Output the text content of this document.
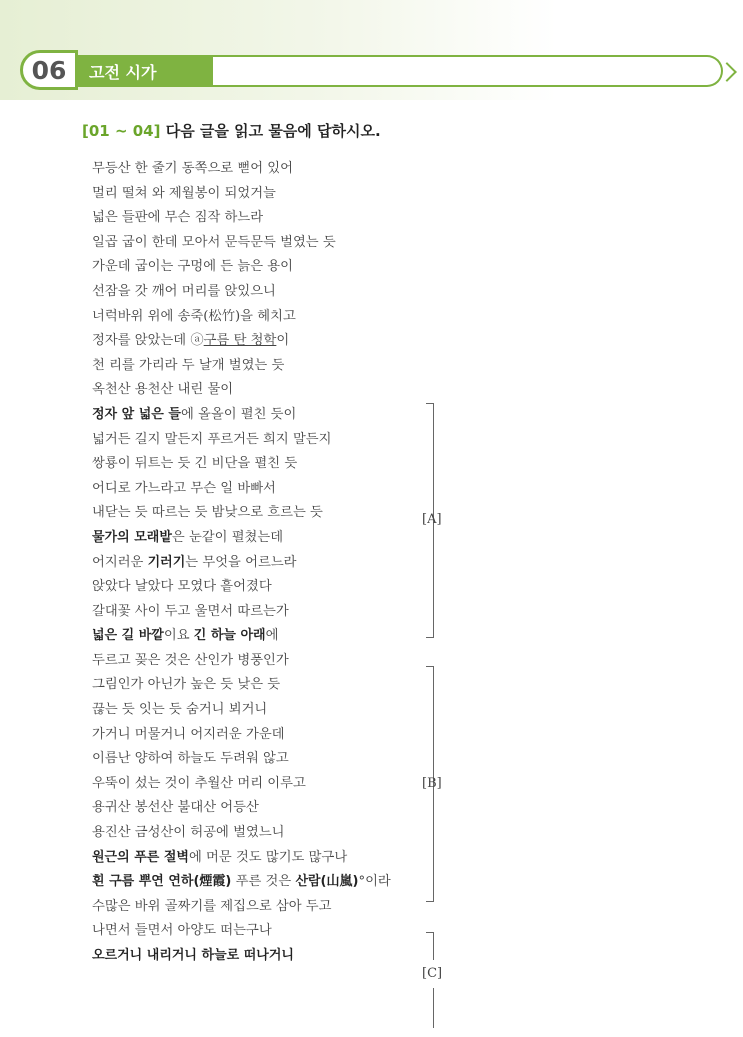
06	고전 시가
[01 ~ 04] 다음 글을 읽고 물음에 답하시오.
무등산 한 줄기 동쪽으로 뻗어 있어
멀리 떨쳐 와 제월봉이 되었거늘
넓은 들판에 무슨 짐작 하느라
일곱 굽이 한데 모아서 문득문득 벌였는 듯
가운데 굽이는 구멍에 든 늙은 용이
선잠을 갓 깨어 머리를 앉있으니
너럭바위 위에 송죽(松竹)을 헤치고
정자를 앉았는데 ⓐ구름 탄 청학이
천 리를 가리라 두 날개 벌였는 듯
옥천산 용천산 내린 물이
정자 앞 넓은 들에 올올이 펼친 듯이
넓거든 길지 말든지 푸르거든 희지 말든지
쌍룡이 뒤트는 듯 긴 비단을 펼친 듯
어디로 가느라고 무슨 일 바빠서
내닫는 듯 따르는 듯 밤낮으로 흐르는 듯
물가의 모래밭은 눈같이 펼쳤는데
어지러운 기러기는 무엇을 어르느라
앉았다 날았다 모였다 흩어졌다
갈대꽃 사이 두고 울면서 따르는가
넓은 길 바깥이요 긴 하늘 아래에
두르고 꽂은 것은 산인가 병풍인가
그림인가 아닌가 높은 듯 낮은 듯
끊는 듯 잇는 듯 숨거니 뵈거니
가거니 머물거니 어지러운 가운데
이름난 양하여 하늘도 두려워 않고
우뚝이 섰는 것이 추월산 머리 이루고
용귀산 봉선산 불대산 어등산
용진산 금성산이 허공에 벌였느니
원근의 푸른 절벽에 머문 것도 많기도 많구나
흰 구름 뿌연 연하(煙霞) 푸른 것은 산람(山嵐)°이라
수많은 바위 골짜기를 제집으로 삼아 두고
나면서 들면서 아양도 떠는구나
오르거니 내리거니 하늘로 떠나거니
[A]
[B]
[C]
